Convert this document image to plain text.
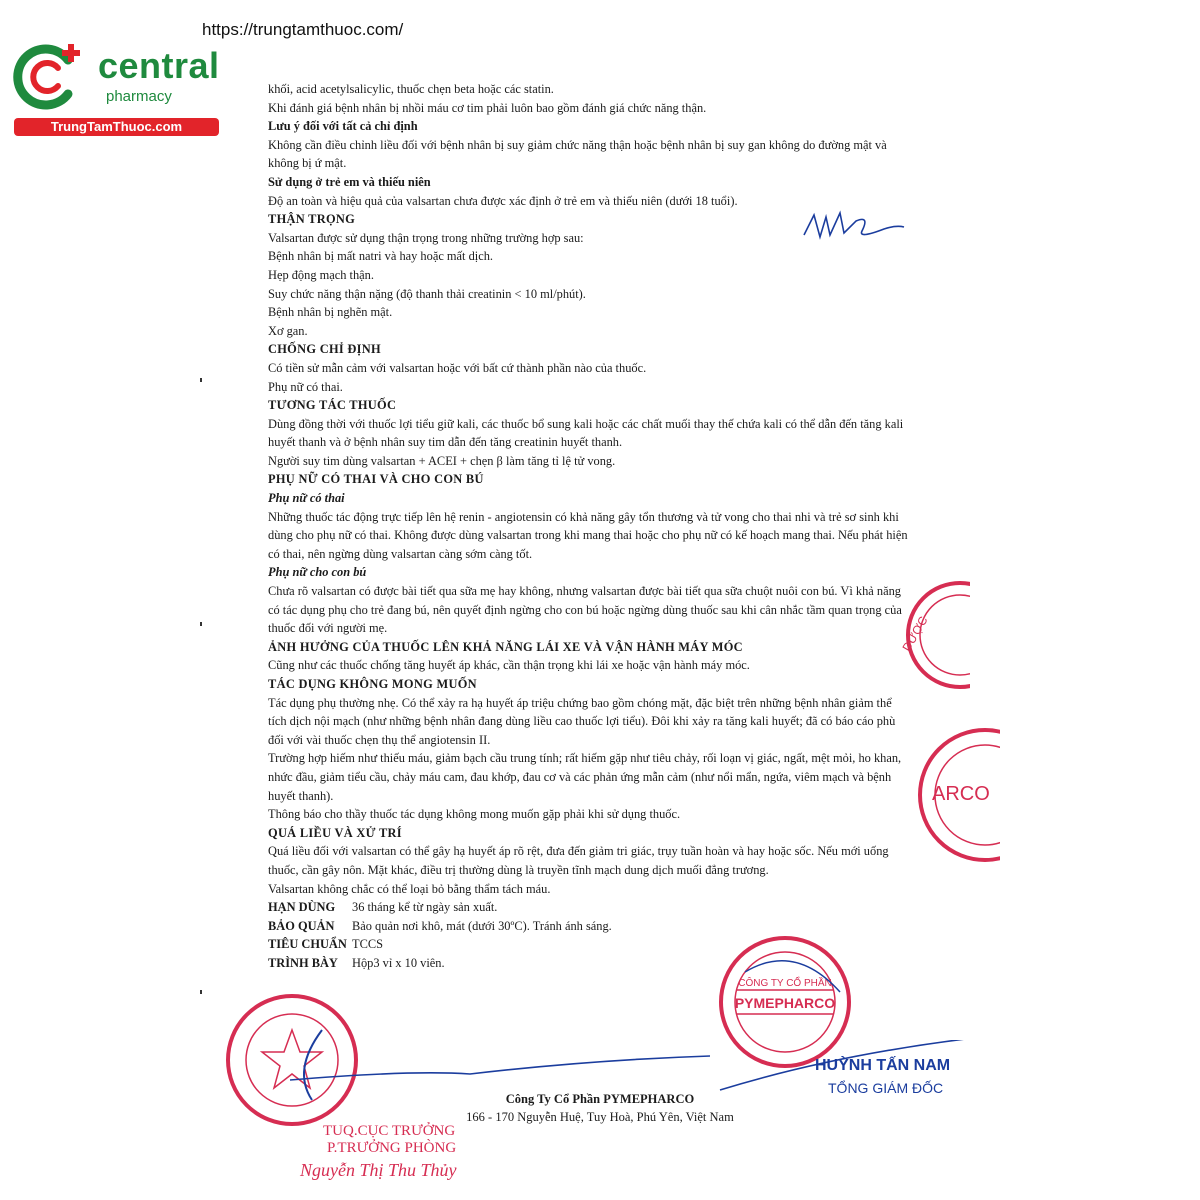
https://trungtamthuoc.com/
central
pharmacy
TrungTamThuoc.com

khối, acid acetylsalicylic, thuốc chẹn beta hoặc các statin.

Khi đánh giá bệnh nhân bị nhồi máu cơ tim phải luôn bao gồm đánh giá chức năng thận.

Lưu ý đối với tất cả chỉ định

Không cần điều chỉnh liều đối với bệnh nhân bị suy giảm chức năng thận hoặc bệnh nhân bị suy gan không do đường mật và không bị ứ mật.

Sử dụng ở trẻ em và thiếu niên

Độ an toàn và hiệu quả của valsartan chưa được xác định ở trẻ em và thiếu niên (dưới 18 tuổi).

THẬN TRỌNG

Valsartan được sử dụng thận trọng trong những trường hợp sau:

Bệnh nhân bị mất natri và hay hoặc mất dịch.

Hẹp động mạch thận.

Suy chức năng thận nặng (độ thanh thải creatinin < 10 ml/phút).

Bệnh nhân bị nghẽn mật.

Xơ gan.

CHỐNG CHỈ ĐỊNH

Có tiền sử mẫn cảm với valsartan hoặc với bất cứ thành phần nào của thuốc.

Phụ nữ có thai.

TƯƠNG TÁC THUỐC

Dùng đồng thời với thuốc lợi tiểu giữ kali, các thuốc bổ sung kali hoặc các chất muối thay thế chứa kali có thể dẫn đến tăng kali huyết thanh và ở bệnh nhân suy tim dẫn đến tăng creatinin huyết thanh.

Người suy tim dùng valsartan + ACEI + chẹn β làm tăng tỉ lệ tử vong.

PHỤ NỮ CÓ THAI VÀ CHO CON BÚ

Phụ nữ có thai

Những thuốc tác động trực tiếp lên hệ renin - angiotensin có khả năng gây tổn thương và tử vong cho thai nhi và trẻ sơ sinh khi dùng cho phụ nữ có thai. Không được dùng valsartan trong khi mang thai hoặc cho phụ nữ có kế hoạch mang thai. Nếu phát hiện có thai, nên ngừng dùng valsartan càng sớm càng tốt.

Phụ nữ cho con bú

Chưa rõ valsartan có được bài tiết qua sữa mẹ hay không, nhưng valsartan được bài tiết qua sữa chuột nuôi con bú. Vì khả năng có tác dụng phụ cho trẻ đang bú, nên quyết định ngừng cho con bú hoặc ngừng dùng thuốc sau khi cân nhắc tầm quan trọng của thuốc đối với người mẹ.

ẢNH HƯỞNG CỦA THUỐC LÊN KHẢ NĂNG LÁI XE VÀ VẬN HÀNH MÁY MÓC

Cũng như các thuốc chống tăng huyết áp khác, cần thận trọng khi lái xe hoặc vận hành máy móc.

TÁC DỤNG KHÔNG MONG MUỐN

Tác dụng phụ thường nhẹ. Có thể xảy ra hạ huyết áp triệu chứng bao gồm chóng mặt, đặc biệt trên những bệnh nhân giảm thể tích dịch nội mạch (như những bệnh nhân đang dùng liều cao thuốc lợi tiểu). Đôi khi xảy ra tăng kali huyết; đã có báo cáo phù đối với vài thuốc chẹn thụ thể angiotensin II.

Trường hợp hiếm như thiếu máu, giảm bạch cầu trung tính; rất hiếm gặp như tiêu chảy, rối loạn vị giác, ngất, mệt mỏi, ho khan, nhức đầu, giảm tiểu cầu, chảy máu cam, đau khớp, đau cơ và các phản ứng mẫn cảm (như nổi mẩn, ngứa, viêm mạch và bệnh huyết thanh).

Thông báo cho thầy thuốc tác dụng không mong muốn gặp phải khi sử dụng thuốc.

QUÁ LIỀU VÀ XỬ TRÍ

Quá liều đối với valsartan có thể gây hạ huyết áp rõ rệt, đưa đến giảm tri giác, trụy tuần hoàn và hay hoặc sốc. Nếu mới uống thuốc, cần gây nôn. Mặt khác, điều trị thường dùng là truyền tĩnh mạch dung dịch muối đẳng trương.

Valsartan không chắc có thể loại bỏ bằng thẩm tách máu.

HẠN DÙNG	36 tháng kể từ ngày sản xuất.
BẢO QUẢN	Bảo quản nơi khô, mát (dưới 30ºC). Tránh ánh sáng.
TIÊU CHUẨN TCCS
TRÌNH BÀY	Hộp3 vỉ x 10 viên.
DƯỢC
ARCO
CÔNG TY CỔ PHẦN
PYMEPHARCO
Công Ty Cổ Phần PYMEPHARCO
166 - 170 Nguyễn Huệ, Tuy Hoà, Phú Yên, Việt Nam
HUỲNH TẤN NAM
TỔNG GIÁM ĐỐC
TUQ.CỤC TRƯỞNG
P.TRƯỞNG PHÒNG
Nguyễn Thị Thu Thủy
